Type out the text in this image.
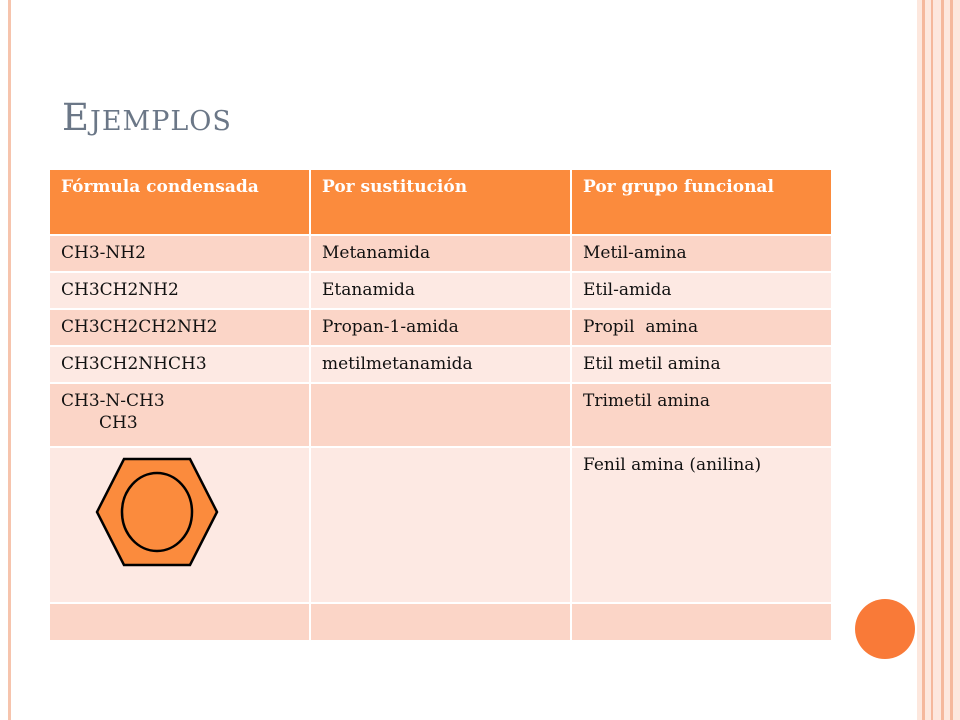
EJEMPLOS
Fórmula condensada	Por sustitución	Por grupo funcional
CH3-NH2	Metanamida	Metil-amina
CH3CH2NH2	Etanamida	Etil-amida
CH3CH2CH2NH2	Propan-1-amida	Propil  amina
CH3CH2NHCH3	metilmetanamida	Etil metil amina
CH3-N-CH3
CH3		Trimetil amina

		Fenil amina (anilina)
